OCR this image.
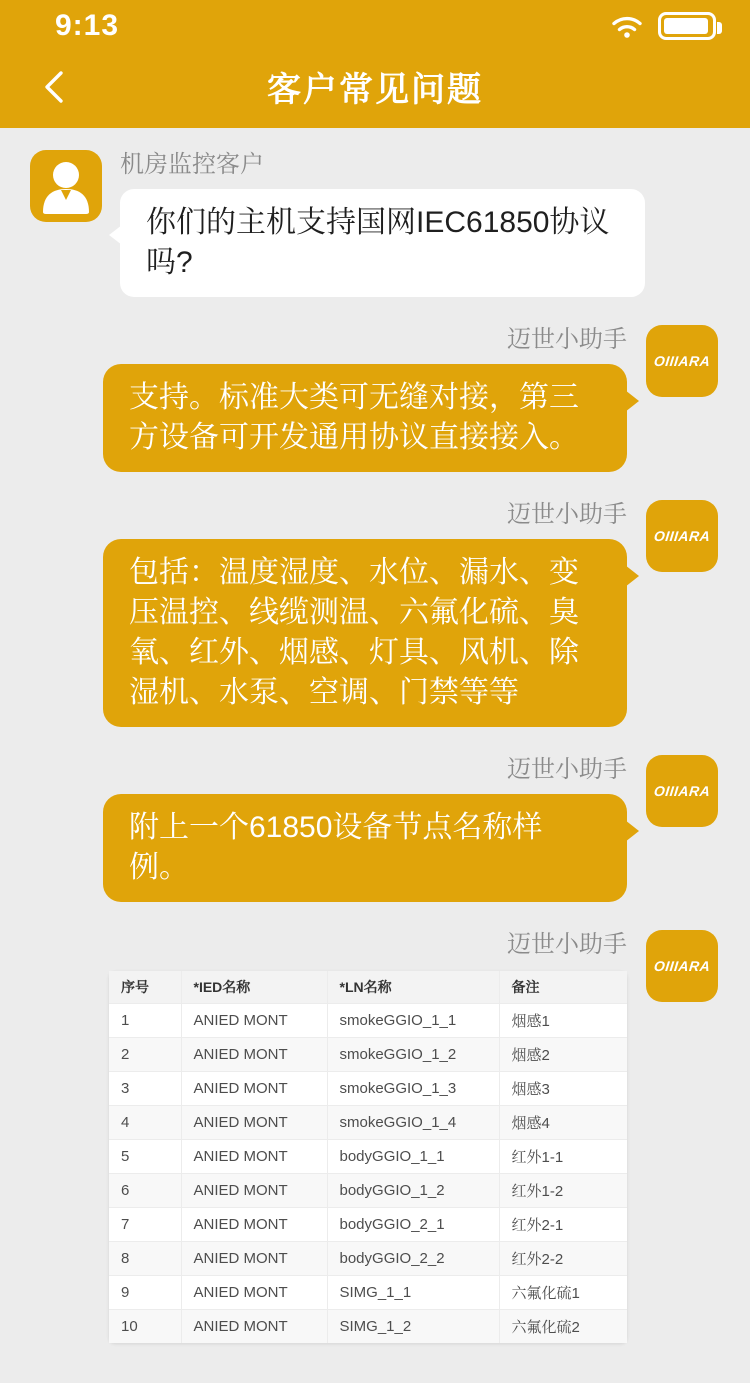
9:13
客户常见问题
机房监控客户
你们的主机支持国网IEC61850协议吗?
迈世小助手
支持。标准大类可无缝对接，第三方设备可开发通用协议直接接入。
OIIIARA
迈世小助手
包括：温度湿度、水位、漏水、变压温控、线缆测温、六氟化硫、臭氧、红外、烟感、灯具、风机、除湿机、水泵、空调、门禁等等
OIIIARA
迈世小助手
附上一个61850设备节点名称样例。
OIIIARA
迈世小助手
序号	*IED名称	*LN名称	备注
1	ANIED MONT	smokeGGIO_1_1	烟感1
2	ANIED MONT	smokeGGIO_1_2	烟感2
3	ANIED MONT	smokeGGIO_1_3	烟感3
4	ANIED MONT	smokeGGIO_1_4	烟感4
5	ANIED MONT	bodyGGIO_1_1	红外1-1
6	ANIED MONT	bodyGGIO_1_2	红外1-2
7	ANIED MONT	bodyGGIO_2_1	红外2-1
8	ANIED MONT	bodyGGIO_2_2	红外2-2
9	ANIED MONT	SIMG_1_1	六氟化硫1
10	ANIED MONT	SIMG_1_2	六氟化硫2
OIIIARA
